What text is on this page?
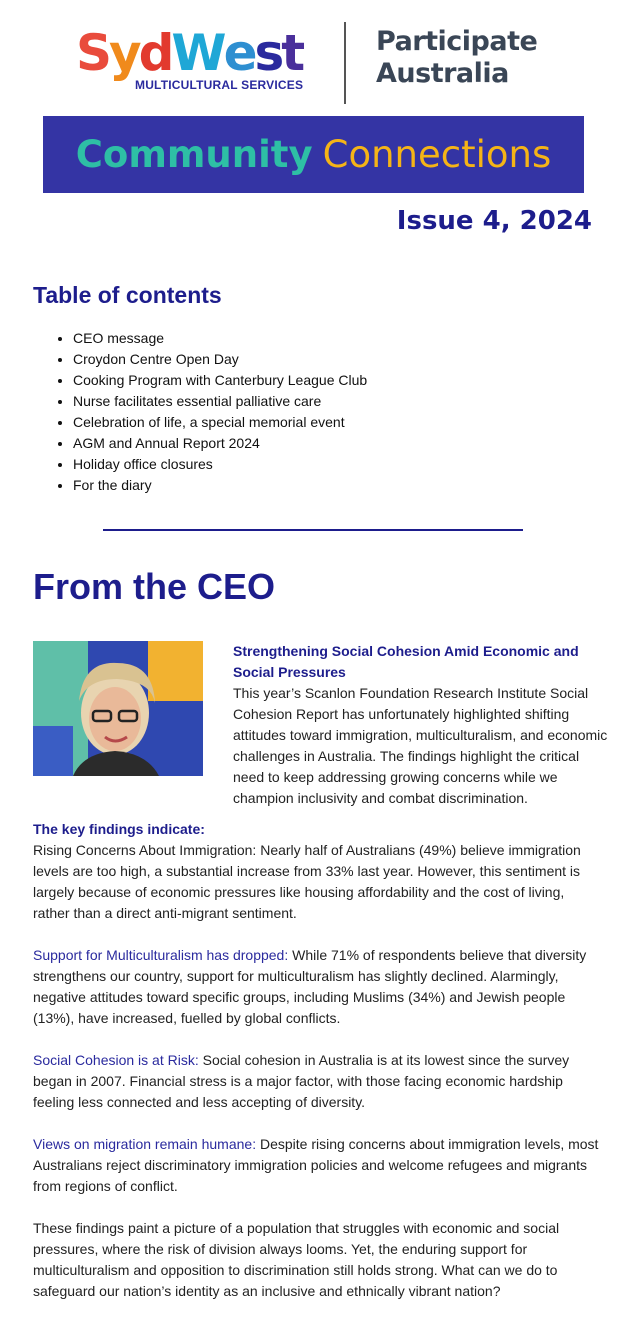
SydWest
MULTICULTURAL SERVICES
Participate
Australia
Community Connections
Issue 4, 2024
Table of contents
• CEO message
• Croydon Centre Open Day
• Cooking Program with Canterbury League Club
• Nurse facilitates essential palliative care
• Celebration of life, a special memorial event
• AGM and Annual Report 2024
• Holiday office closures
• For the diary
From the CEO
Strengthening Social Cohesion Amid Economic and Social Pressures
This year’s Scanlon Foundation Research Institute Social Cohesion Report has unfortunately highlighted shifting attitudes toward immigration, multiculturalism, and economic challenges in Australia. The findings highlight the critical need to keep addressing growing concerns while we champion inclusivity and combat discrimination.
The key findings indicate:

Rising Concerns About Immigration: Nearly half of Australians (49%) believe immigration levels are too high, a substantial increase from 33% last year. However, this sentiment is largely because of economic pressures like housing affordability and the cost of living, rather than a direct anti-migrant sentiment.

Support for Multiculturalism has dropped: While 71% of respondents believe that diversity strengthens our country, support for multiculturalism has slightly declined. Alarmingly, negative attitudes toward specific groups, including Muslims (34%) and Jewish people (13%), have increased, fuelled by global conflicts.

Social Cohesion is at Risk: Social cohesion in Australia is at its lowest since the survey began in 2007. Financial stress is a major factor, with those facing economic hardship feeling less connected and less accepting of diversity.

Views on migration remain humane: Despite rising concerns about immigration levels, most Australians reject discriminatory immigration policies and welcome refugees and migrants from regions of conflict.

These findings paint a picture of a population that struggles with economic and social pressures, where the risk of division always looms. Yet, the enduring support for multiculturalism and opposition to discrimination still holds strong. What can we do to safeguard our nation’s identity as an inclusive and ethnically vibrant nation?
